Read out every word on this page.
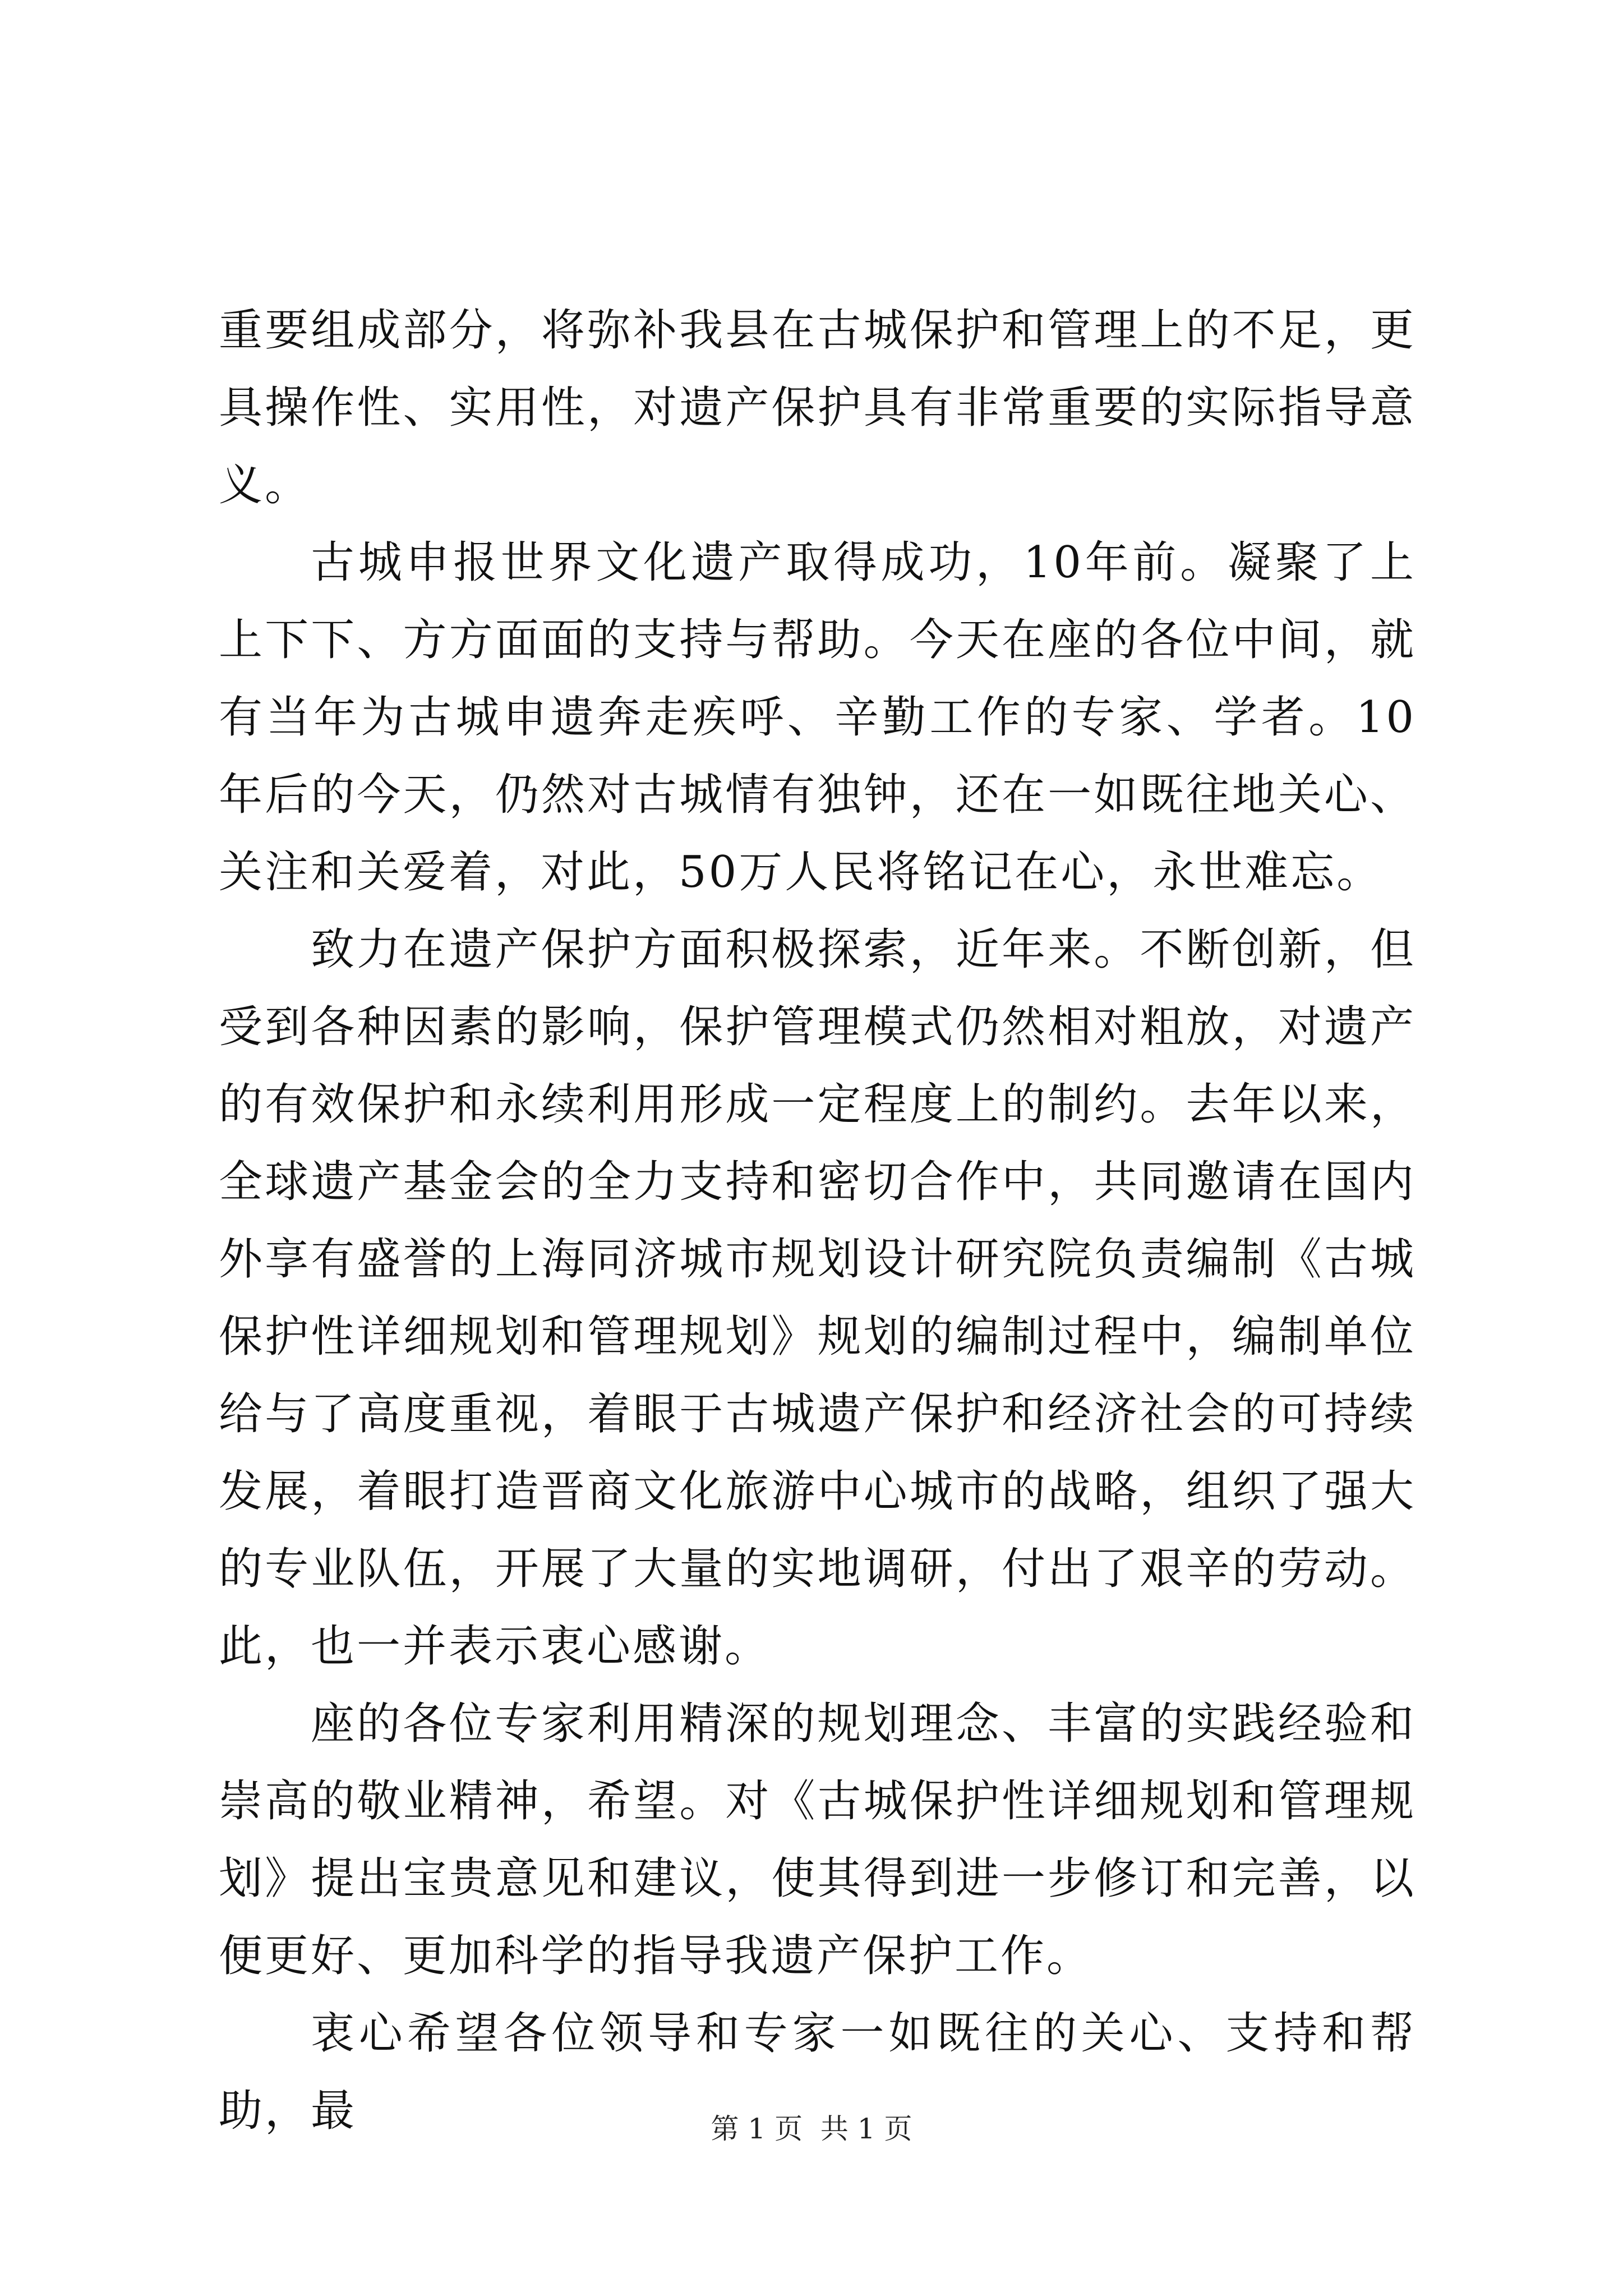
重要组成部分，将弥补我县在古城保护和管理上的不足，更具操作性、实用性，对遗产保护具有非常重要的实际指导意义。

古城申报世界文化遗产取得成功，10年前。凝聚了上上下下、方方面面的支持与帮助。今天在座的各位中间，就有当年为古城申遗奔走疾呼、辛勤工作的专家、学者。10年后的今天，仍然对古城情有独钟，还在一如既往地关心、关注和关爱着，对此，50万人民将铭记在心，永世难忘。

致力在遗产保护方面积极探索，近年来。不断创新，但受到各种因素的影响，保护管理模式仍然相对粗放，对遗产的有效保护和永续利用形成一定程度上的制约。去年以来，全球遗产基金会的全力支持和密切合作中，共同邀请在国内外享有盛誉的上海同济城市规划设计研究院负责编制《古城保护性详细规划和管理规划》规划的编制过程中，编制单位给与了高度重视，着眼于古城遗产保护和经济社会的可持续发展，着眼打造晋商文化旅游中心城市的战略，组织了强大的专业队伍，开展了大量的实地调研，付出了艰辛的劳动。此，也一并表示衷心感谢。

座的各位专家利用精深的规划理念、丰富的实践经验和崇高的敬业精神，希望。对《古城保护性详细规划和管理规划》提出宝贵意见和建议，使其得到进一步修订和完善，以便更好、更加科学的指导我遗产保护工作。

衷心希望各位领导和专家一如既往的关心、支持和帮助，最	第 1 页  共 1 页
